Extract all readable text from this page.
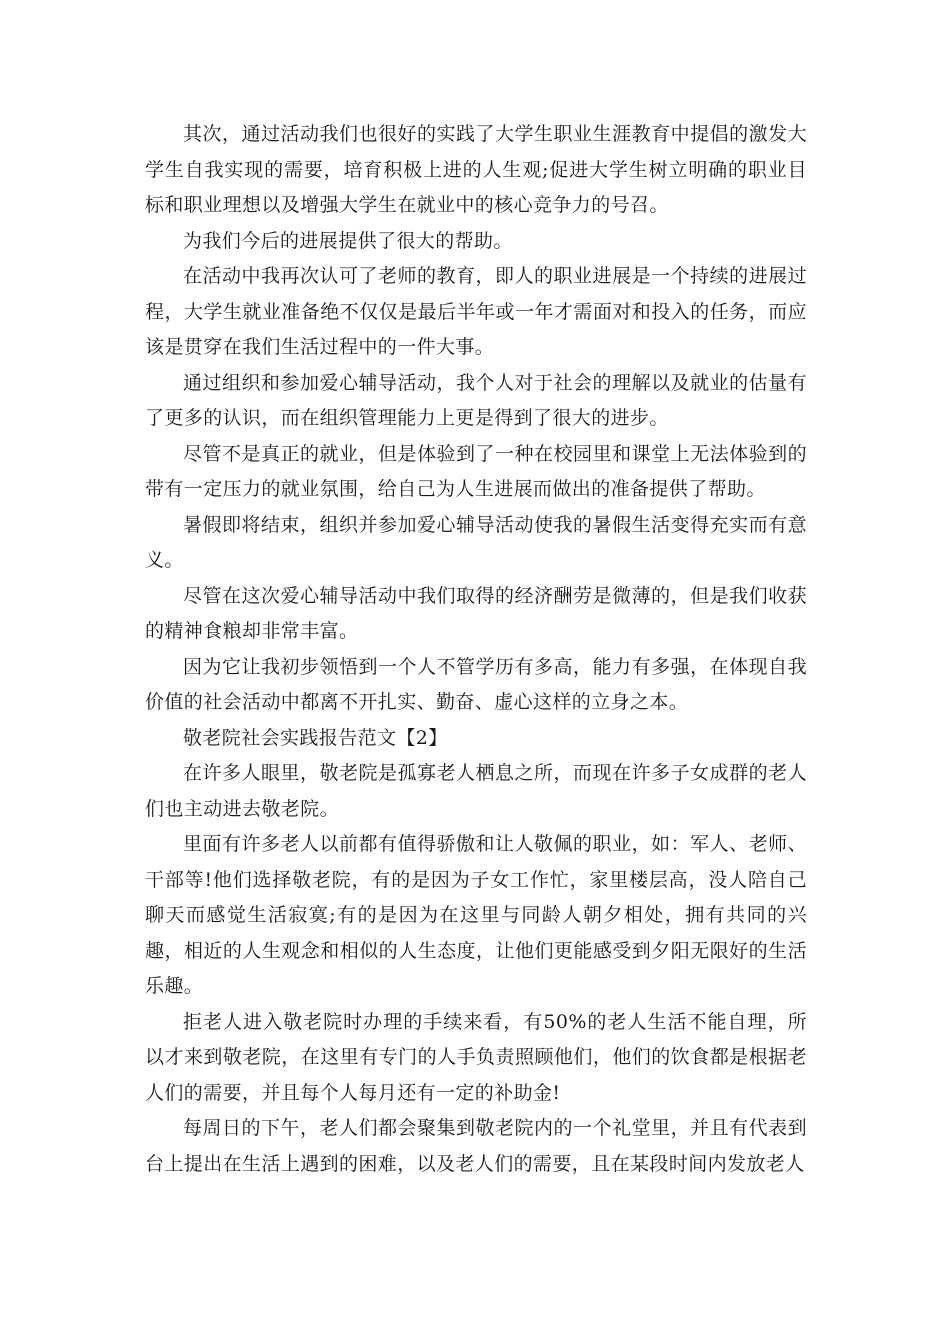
其次，通过活动我们也很好的实践了大学生职业生涯教育中提倡的激发大学生自我实现的需要，培育积极上进的人生观;促进大学生树立明确的职业目标和职业理想以及增强大学生在就业中的核心竞争力的号召。

为我们今后的进展提供了很大的帮助。

在活动中我再次认可了老师的教育，即人的职业进展是一个持续的进展过程，大学生就业准备绝不仅仅是最后半年或一年才需面对和投入的任务，而应该是贯穿在我们生活过程中的一件大事。

通过组织和参加爱心辅导活动，我个人对于社会的理解以及就业的估量有了更多的认识，而在组织管理能力上更是得到了很大的进步。

尽管不是真正的就业，但是体验到了一种在校园里和课堂上无法体验到的带有一定压力的就业氛围，给自己为人生进展而做出的准备提供了帮助。

暑假即将结束，组织并参加爱心辅导活动使我的暑假生活变得充实而有意义。

尽管在这次爱心辅导活动中我们取得的经济酬劳是微薄的，但是我们收获的精神食粮却非常丰富。

因为它让我初步领悟到一个人不管学历有多高，能力有多强，在体现自我价值的社会活动中都离不开扎实、勤奋、虚心这样的立身之本。

敬老院社会实践报告范文【2】

在许多人眼里，敬老院是孤寡老人栖息之所，而现在许多子女成群的老人们也主动进去敬老院。

里面有许多老人以前都有值得骄傲和让人敬佩的职业，如：军人、老师、干部等!他们选择敬老院，有的是因为子女工作忙，家里楼层高，没人陪自己聊天而感觉生活寂寞;有的是因为在这里与同龄人朝夕相处，拥有共同的兴趣，相近的人生观念和相似的人生态度，让他们更能感受到夕阳无限好的生活乐趣。

拒老人进入敬老院时办理的手续来看，有50%的老人生活不能自理，所以才来到敬老院，在这里有专门的人手负责照顾他们，他们的饮食都是根据老人们的需要，并且每个人每月还有一定的补助金!

每周日的下午，老人们都会聚集到敬老院内的一个礼堂里，并且有代表到台上提出在生活上遇到的困难，以及老人们的需要，且在某段时间内发放老人
